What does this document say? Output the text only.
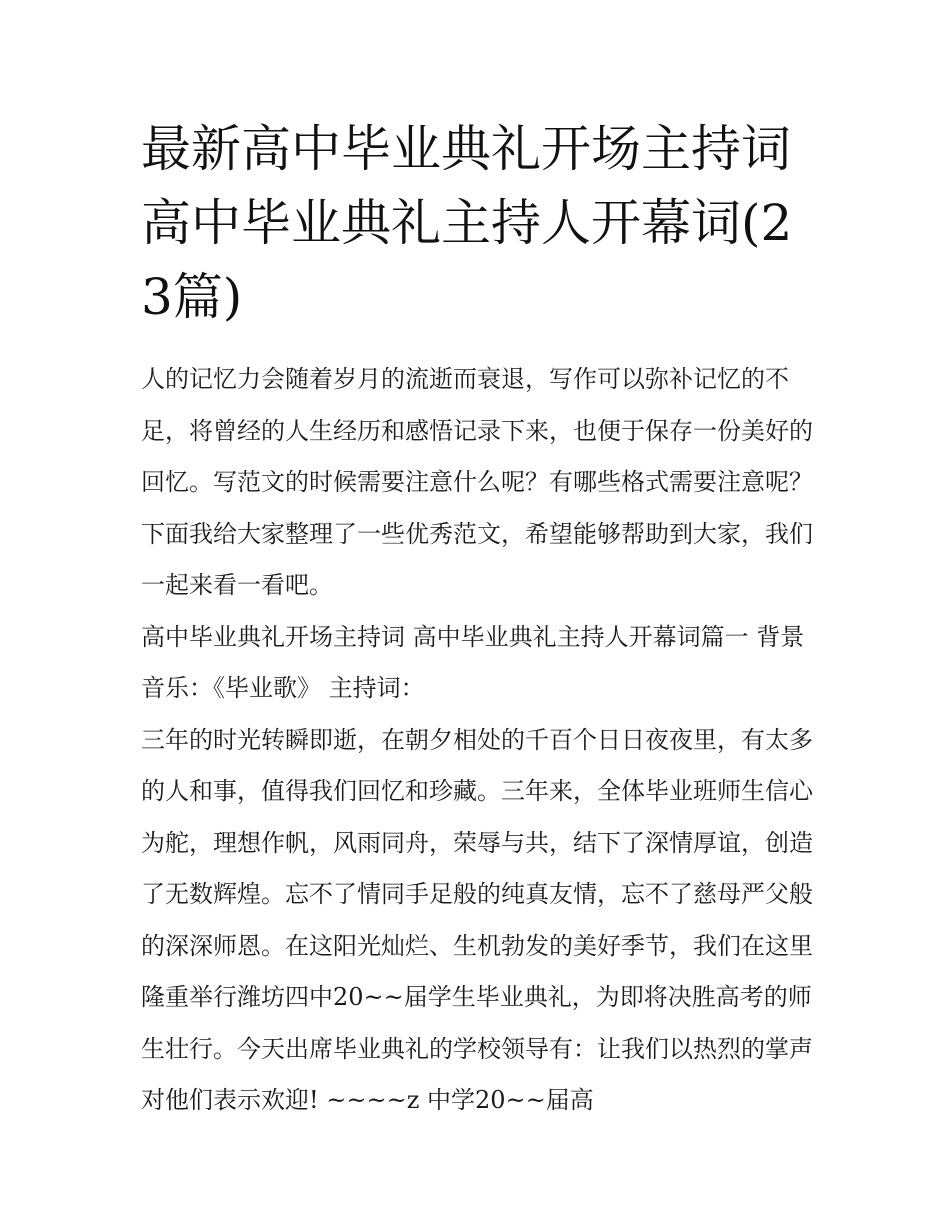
最新高中毕业典礼开场主持词 高中毕业典礼主持人开幕词(23篇)

人的记忆力会随着岁月的流逝而衰退，写作可以弥补记忆的不足，将曾经的人生经历和感悟记录下来，也便于保存一份美好的回忆。写范文的时候需要注意什么呢？有哪些格式需要注意呢？下面我给大家整理了一些优秀范文，希望能够帮助到大家，我们一起来看一看吧。

高中毕业典礼开场主持词 高中毕业典礼主持人开幕词篇一 背景音乐：《毕业歌》 主持词：

三年的时光转瞬即逝，在朝夕相处的千百个日日夜夜里，有太多的人和事，值得我们回忆和珍藏。三年来，全体毕业班师生信心为舵，理想作帆，风雨同舟，荣辱与共，结下了深情厚谊，创造了无数辉煌。忘不了情同手足般的纯真友情，忘不了慈母严父般的深深师恩。在这阳光灿烂、生机勃发的美好季节，我们在这里隆重举行潍坊四中20~~届学生毕业典礼，为即将决胜高考的师生壮行。今天出席毕业典礼的学校领导有：让我们以热烈的掌声对他们表示欢迎! ~~~~z 中学20~~届高
